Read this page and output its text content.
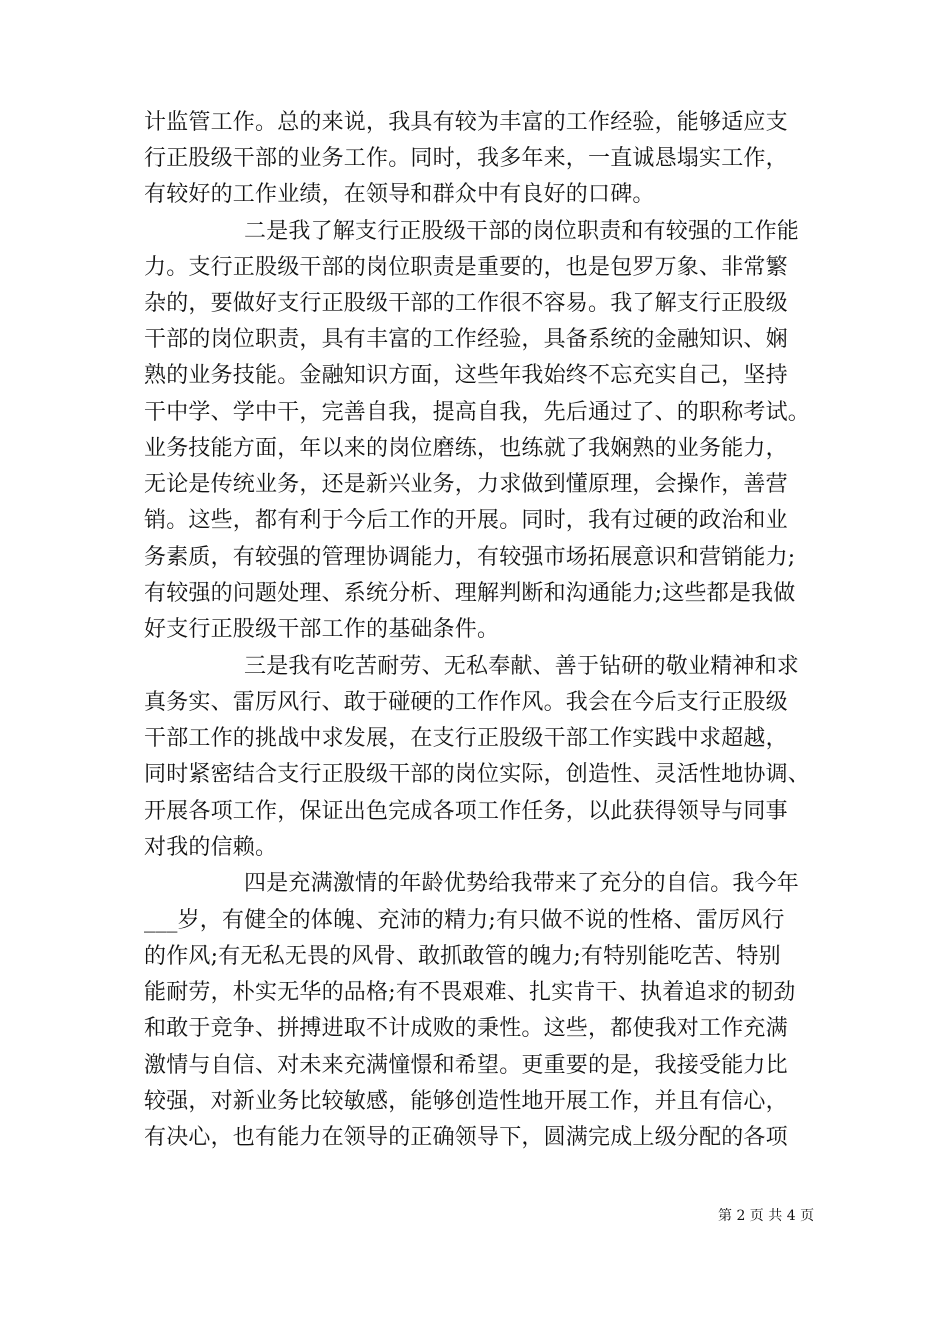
计监管工作。总的来说，我具有较为丰富的工作经验，能够适应支
行正股级干部的业务工作。同时，我多年来，一直诚恳塌实工作，
有较好的工作业绩，在领导和群众中有良好的口碑。
二是我了解支行正股级干部的岗位职责和有较强的工作能
力。支行正股级干部的岗位职责是重要的，也是包罗万象、非常繁
杂的，要做好支行正股级干部的工作很不容易。我了解支行正股级
干部的岗位职责，具有丰富的工作经验，具备系统的金融知识、娴
熟的业务技能。金融知识方面，这些年我始终不忘充实自己，坚持
干中学、学中干，完善自我，提高自我，先后通过了、的职称考试。
业务技能方面，年以来的岗位磨练，也练就了我娴熟的业务能力，
无论是传统业务，还是新兴业务，力求做到懂原理，会操作，善营
销。这些，都有利于今后工作的开展。同时，我有过硬的政治和业
务素质，有较强的管理协调能力，有较强市场拓展意识和营销能力;
有较强的问题处理、系统分析、理解判断和沟通能力;这些都是我做
好支行正股级干部工作的基础条件。
三是我有吃苦耐劳、无私奉献、善于钻研的敬业精神和求
真务实、雷厉风行、敢于碰硬的工作作风。我会在今后支行正股级
干部工作的挑战中求发展，在支行正股级干部工作实践中求超越，
同时紧密结合支行正股级干部的岗位实际，创造性、灵活性地协调、
开展各项工作，保证出色完成各项工作任务，以此获得领导与同事
对我的信赖。
四是充满激情的年龄优势给我带来了充分的自信。我今年
___岁，有健全的体魄、充沛的精力;有只做不说的性格、雷厉风行
的作风;有无私无畏的风骨、敢抓敢管的魄力;有特别能吃苦、特别
能耐劳，朴实无华的品格;有不畏艰难、扎实肯干、执着追求的韧劲
和敢于竞争、拼搏进取不计成败的秉性。这些，都使我对工作充满
激情与自信、对未来充满憧憬和希望。更重要的是，我接受能力比
较强，对新业务比较敏感，能够创造性地开展工作，并且有信心，
有决心，也有能力在领导的正确领导下，圆满完成上级分配的各项
第 2 页 共 4 页
